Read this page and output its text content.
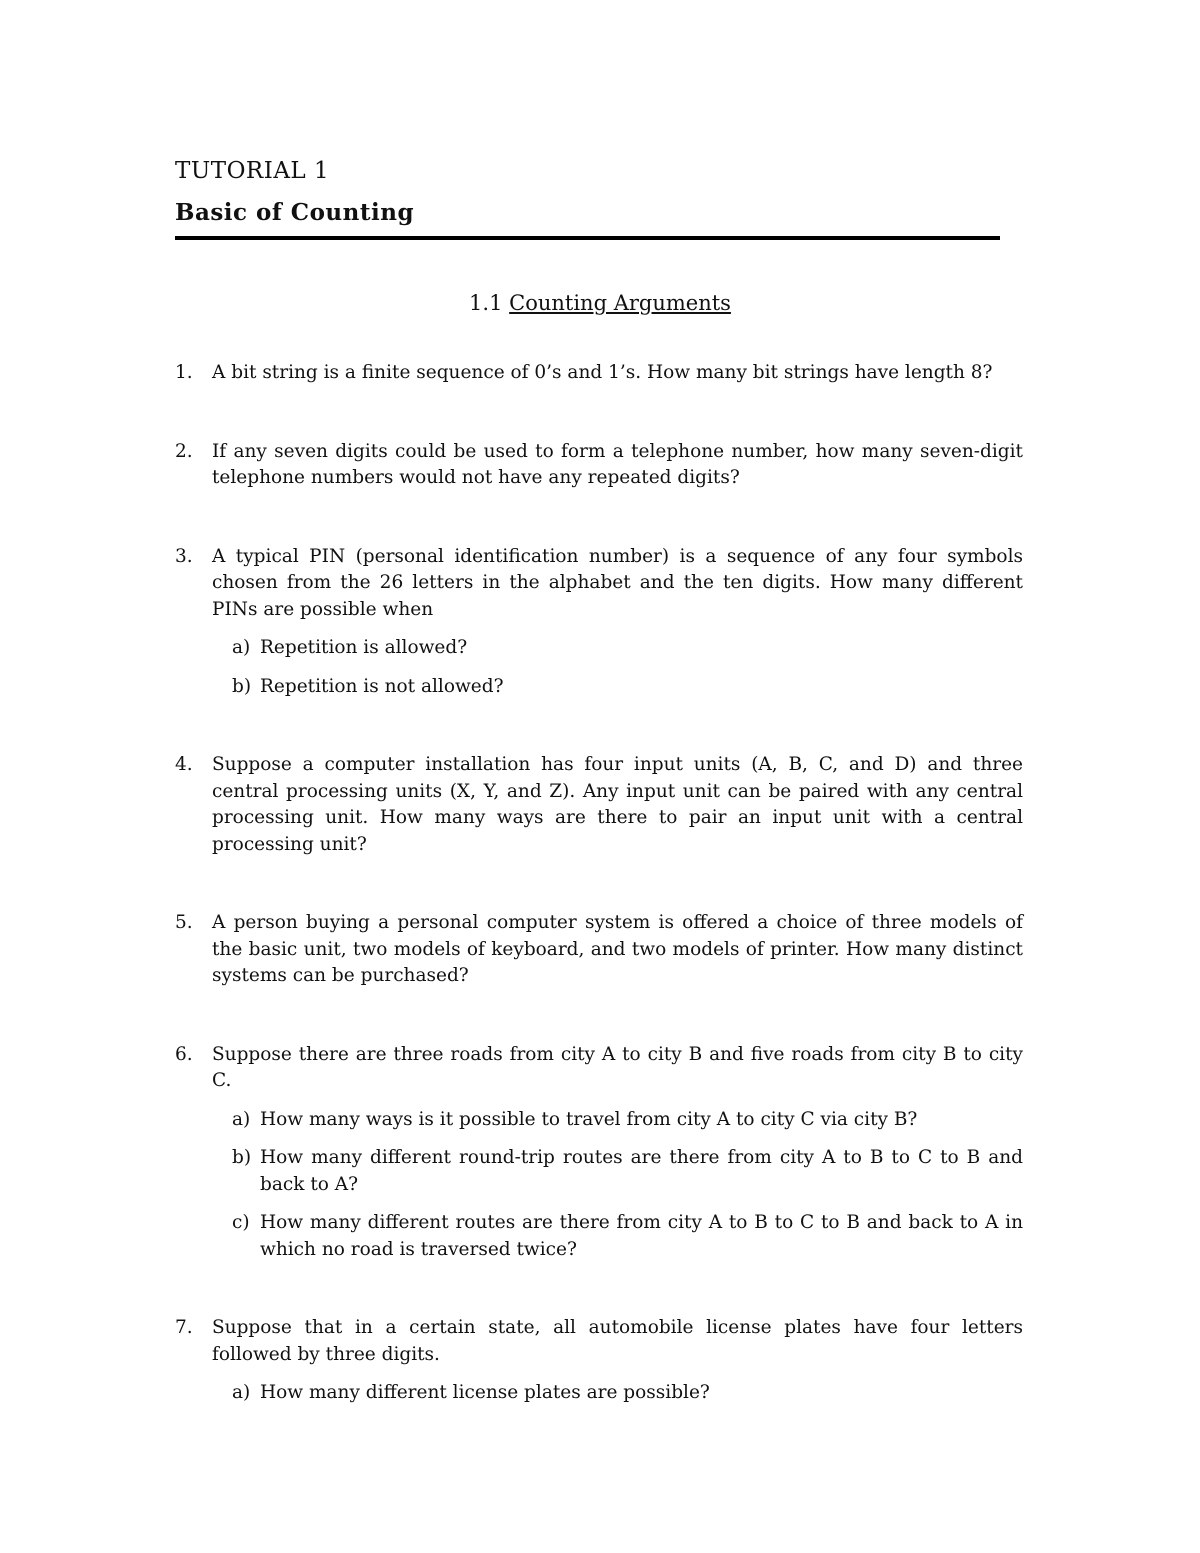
TUTORIAL 1
Basic of Counting
1.1 Counting Arguments
1. A bit string is a finite sequence of 0’s and 1’s. How many bit strings have length 8?
2. If any seven digits could be used to form a telephone number, how many seven-digit telephone numbers would not have any repeated digits?
3. A typical PIN (personal identification number) is a sequence of any four symbols chosen from the 26 letters in the alphabet and the ten digits. How many different PINs are possible when
a) Repetition is allowed?
b) Repetition is not allowed?
4. Suppose a computer installation has four input units (A, B, C, and D) and three central processing units (X, Y, and Z). Any input unit can be paired with any central processing unit. How many ways are there to pair an input unit with a central processing unit?
5. A person buying a personal computer system is offered a choice of three models of the basic unit, two models of keyboard, and two models of printer. How many distinct systems can be purchased?
6. Suppose there are three roads from city A to city B and five roads from city B to city C.
a) How many ways is it possible to travel from city A to city C via city B?
b) How many different round-trip routes are there from city A to B to C to B and back to A?
c) How many different routes are there from city A to B to C to B and back to A in which no road is traversed twice?
7. Suppose that in a certain state, all automobile license plates have four letters followed by three digits.
a) How many different license plates are possible?
